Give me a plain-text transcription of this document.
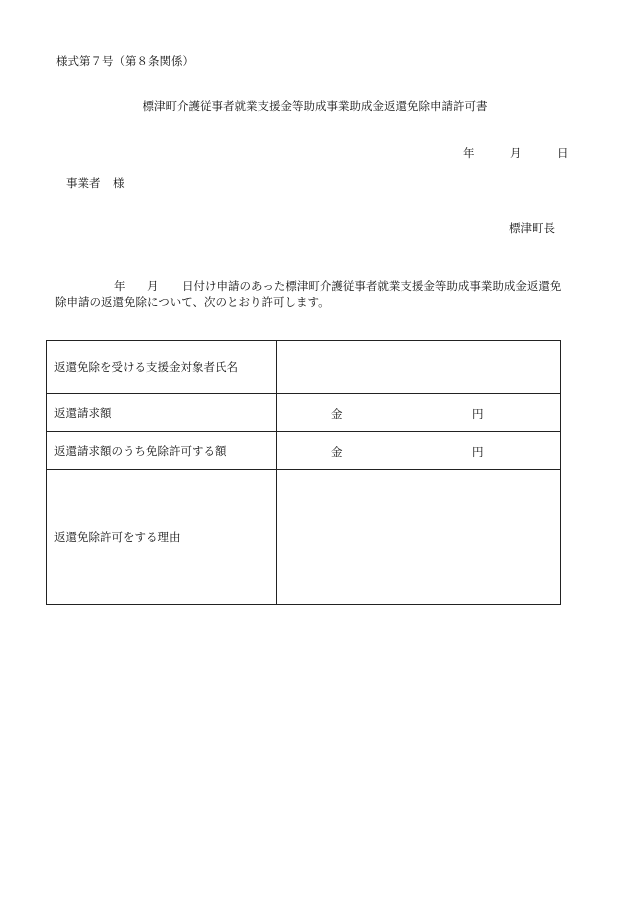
様式第７号（第８条関係）
標津町介護従事者就業支援金等助成事業助成金返還免除申請許可書
年	月	日
事業者 様
標津町長
年 月 日付け申請のあった標津町介護従事者就業支援金等助成事業助成金返還免
除申請の返還免除について、次のとおり許可します。
返還免除を受ける支援金対象者氏名	
返還請求額	金 円

返還請求額のうち免除許可する額	金 円

返還免除許可をする理由	
